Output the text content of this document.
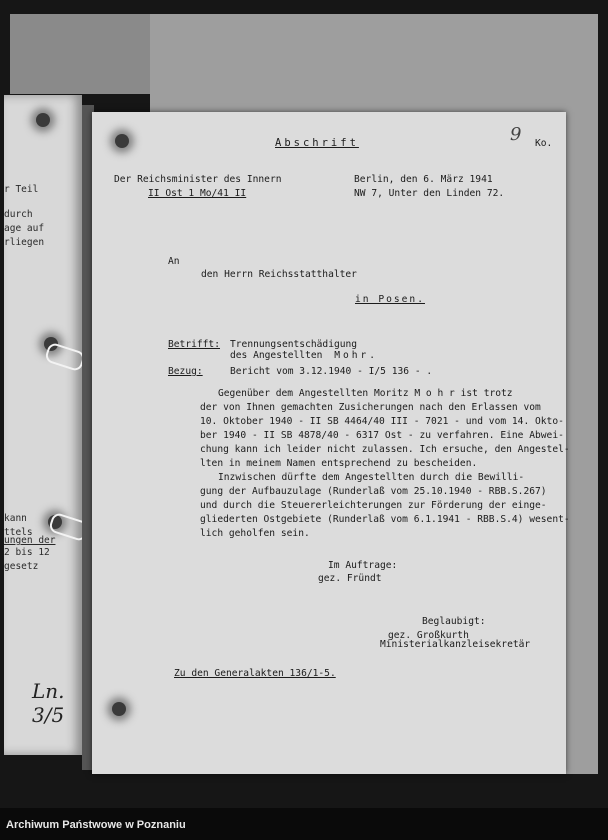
r Teil
durch
age auf
rliegen
kann
ttels
ungen der
2 bis 12
gesetz
Ln. 3/5
Abschrift	9 Ko.
Der Reichsminister des Innern
II Ost 1 Mo/41 II
Berlin, den 6. März 1941
NW 7, Unter den Linden 72.
An
den Herrn Reichsstatthalter
in Posen.
Betrifft: Trennungsentschädigung
des Angestellten Mohr.
Bezug:	Bericht vom 3.12.1940 - I/5 136 - .
Gegenüber dem Angestellten Moritz M o h r ist trotz
der von Ihnen gemachten Zusicherungen nach den Erlassen vom
10. Oktober 1940 - II SB 4464/40 III - 7021 - und vom 14. Okto-
ber 1940 - II SB 4878/40 - 6317 Ost - zu verfahren. Eine Abwei-
chung kann ich leider nicht zulassen. Ich ersuche, den Angestel-
lten in meinem Namen entsprechend zu bescheiden.
Inzwischen dürfte dem Angestellten durch die Bewilli-
gung der Aufbauzulage (Runderlaß vom 25.10.1940 - RBB.S.267)
und durch die Steuererleichterungen zur Förderung der einge-
gliederten Ostgebiete (Runderlaß vom 6.1.1941 - RBB.S.4) wesent-
lich geholfen sein.
Im Auftrage:
gez. Fründt
Beglaubigt:
gez. Großkurth
Ministerialkanzleisekretär
Zu den Generalakten 136/1-5.
Archiwum Państwowe w Poznaniu
